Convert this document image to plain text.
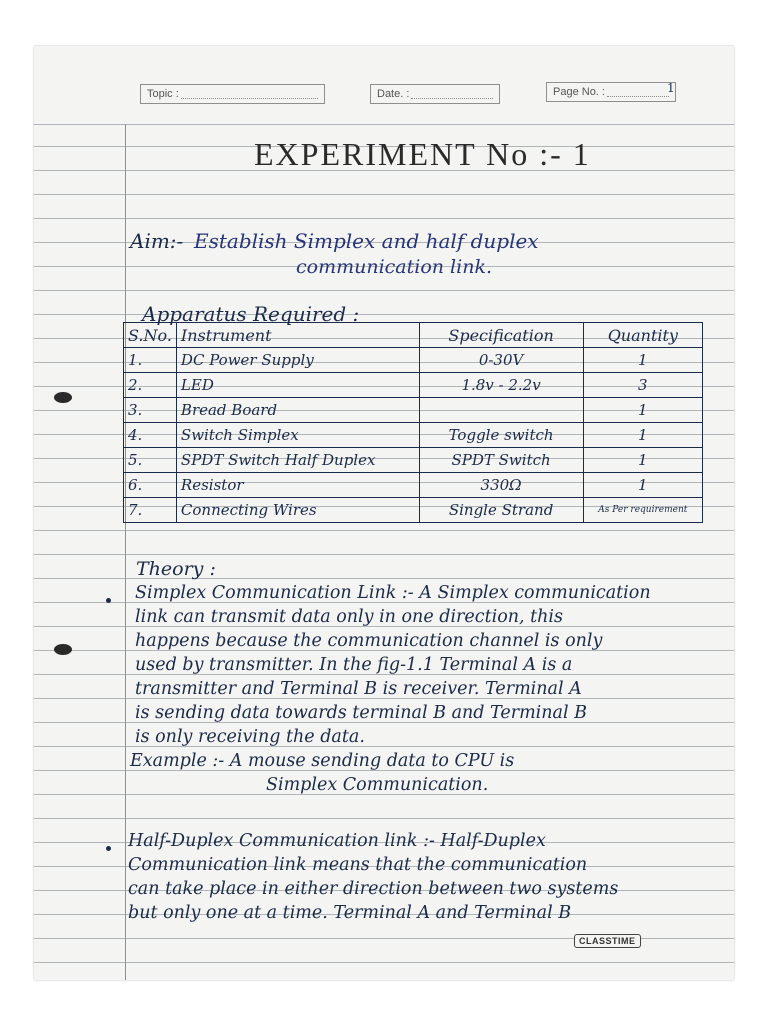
Topic :	Date. :	Page No. :	1
EXPERIMENT No :- 1
Aim:- Establish Simplex and half duplex
communication link.
Apparatus Required :
S.No.	Instrument	Specification	Quantity
1.	DC Power Supply	0-30V	1
2.	LED	1.8v - 2.2v	3
3.	Bread Board		1
4.	Switch Simplex	Toggle switch	1
5.	SPDT Switch Half Duplex	SPDT Switch	1
6.	Resistor	330Ω	1
7.	Connecting Wires	Single Strand	As Per requirement
Theory :
Simplex Communication Link :- A Simplex communication
link can transmit data only in one direction, this
happens because the communication channel is only
used by transmitter. In the fig-1.1 Terminal A is a
transmitter and Terminal B is receiver. Terminal A
is sending data towards terminal B and Terminal B
is only receiving the data.
Example :- A mouse sending data to CPU is
Simplex Communication.
Half-Duplex Communication link :- Half-Duplex
Communication link means that the communication
can take place in either direction between two systems
but only one at a time. Terminal A and Terminal B
CLASSTIME
